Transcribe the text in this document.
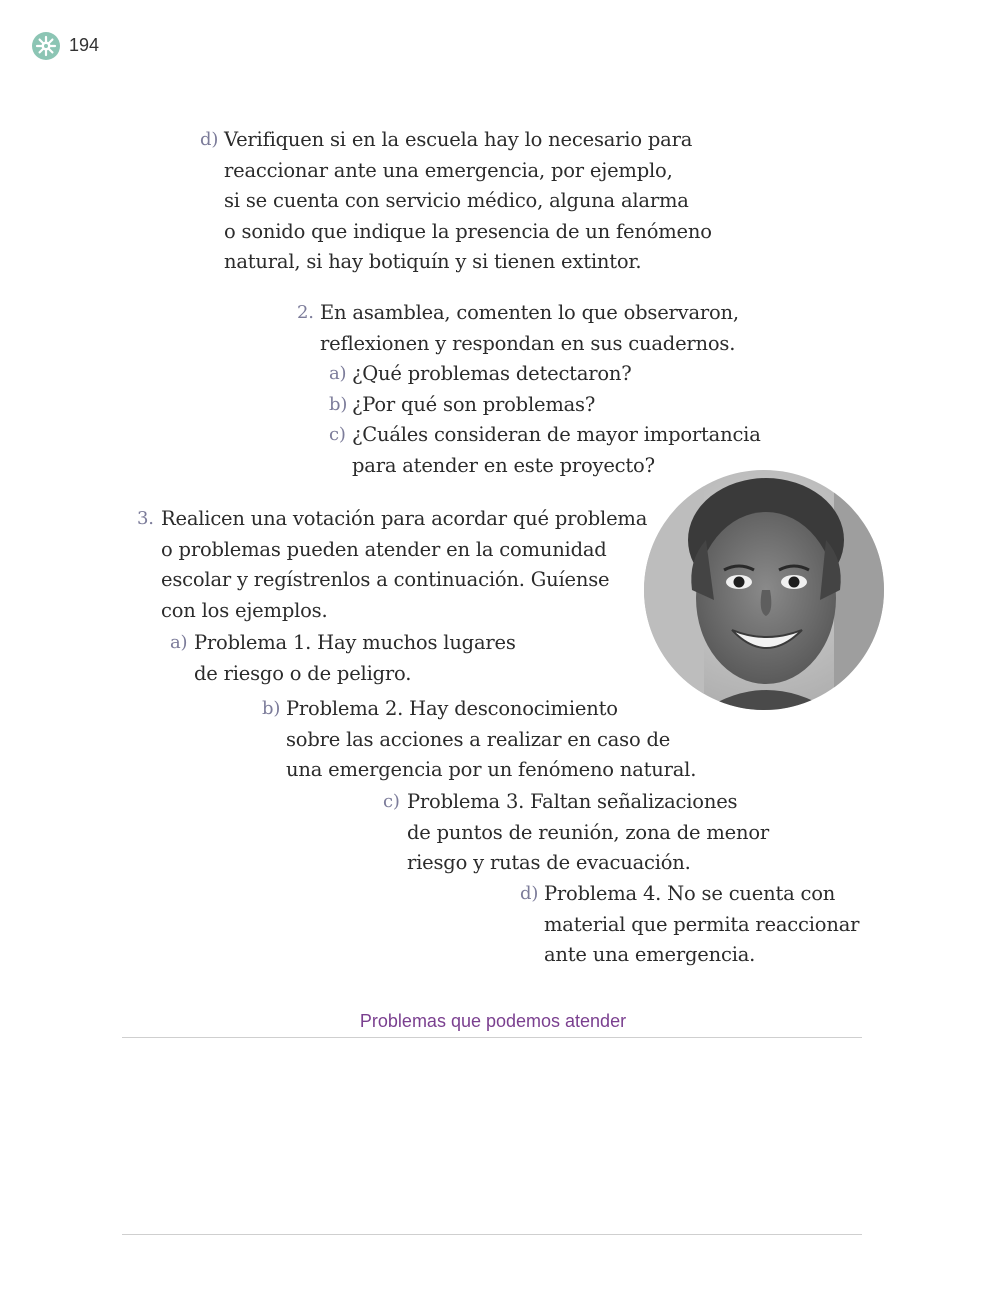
194
d) Verifiquen si en la escuela hay lo necesario para
reaccionar ante una emergencia, por ejemplo,
si se cuenta con servicio médico, alguna alarma
o sonido que indique la presencia de un fenómeno
natural, si hay botiquín y si tienen extintor.
2. En asamblea, comenten lo que observaron,
reflexionen y respondan en sus cuadernos.
a) ¿Qué problemas detectaron?
b) ¿Por qué son problemas?
c) ¿Cuáles consideran de mayor importancia
para atender en este proyecto?
3. Realicen una votación para acordar qué problema
o problemas pueden atender en la comunidad
escolar y regístrenlos a continuación. Guíense
con los ejemplos.
a) Problema 1. Hay muchos lugares
de riesgo o de peligro.
b) Problema 2. Hay desconocimiento
sobre las acciones a realizar en caso de
una emergencia por un fenómeno natural.
c) Problema 3. Faltan señalizaciones
de puntos de reunión, zona de menor
riesgo y rutas de evacuación.
d) Problema 4. No se cuenta con
material que permita reaccionar
ante una emergencia.
Problemas que podemos atender
